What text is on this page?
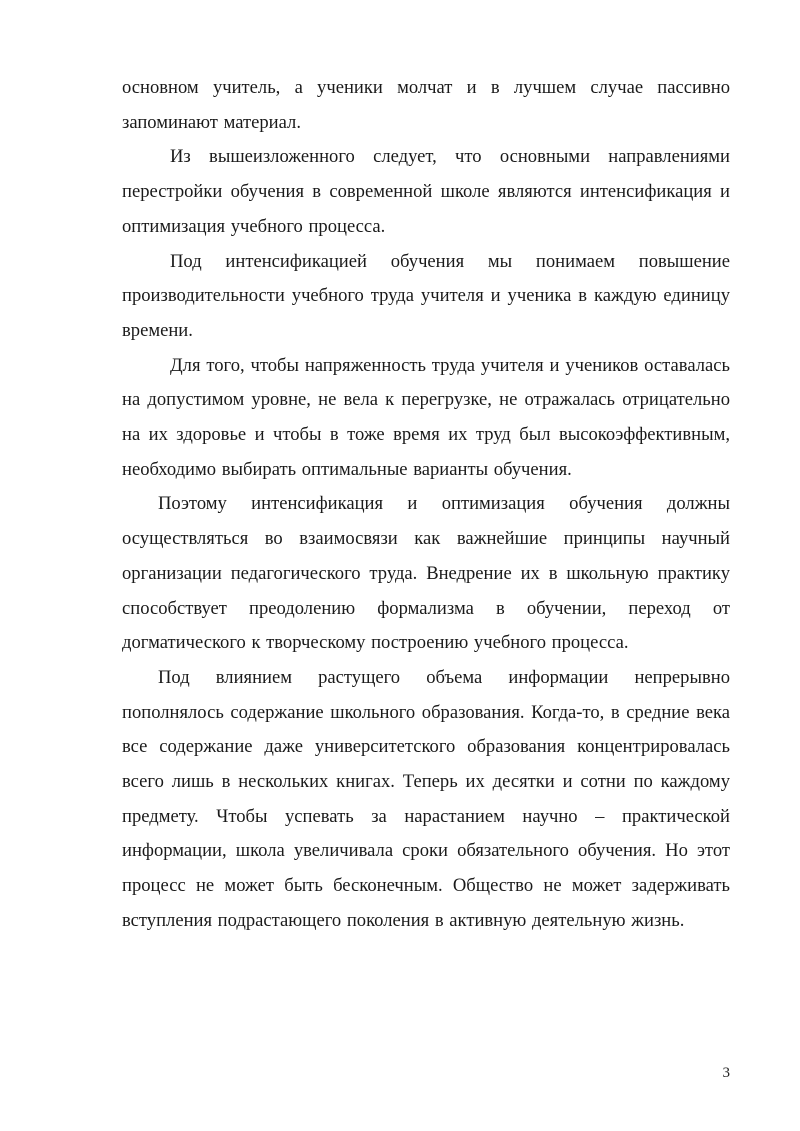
основном учитель, а ученики молчат и в лучшем случае пассивно запоминают материал.

Из вышеизложенного следует, что основными направлениями перестройки обучения в современной школе являются интенсификация и оптимизация учебного процесса.

Под интенсификацией обучения мы понимаем повышение производительности учебного труда учителя и ученика в каждую единицу времени.

Для того, чтобы напряженность труда учителя и учеников оставалась на допустимом уровне, не вела к перегрузке, не отражалась отрицательно на их здоровье и чтобы в тоже время их труд был высокоэффективным, необходимо выбирать оптимальные варианты обучения.

Поэтому интенсификация и оптимизация обучения должны осуществляться во взаимосвязи как важнейшие принципы научный организации педагогического труда. Внедрение их в школьную практику способствует преодолению формализма в обучении, переход от догматического к творческому построению учебного процесса.

Под влиянием растущего объема информации непрерывно пополнялось содержание школьного образования. Когда-то, в средние века все содержание даже университетского образования концентрировалась всего лишь в нескольких книгах. Теперь их десятки и сотни по каждому предмету. Чтобы успевать за нарастанием научно – практической информации, школа увеличивала сроки обязательного обучения. Но этот процесс не может быть бесконечным. Общество не может задерживать вступления подрастающего поколения в активную деятельную жизнь.

3
